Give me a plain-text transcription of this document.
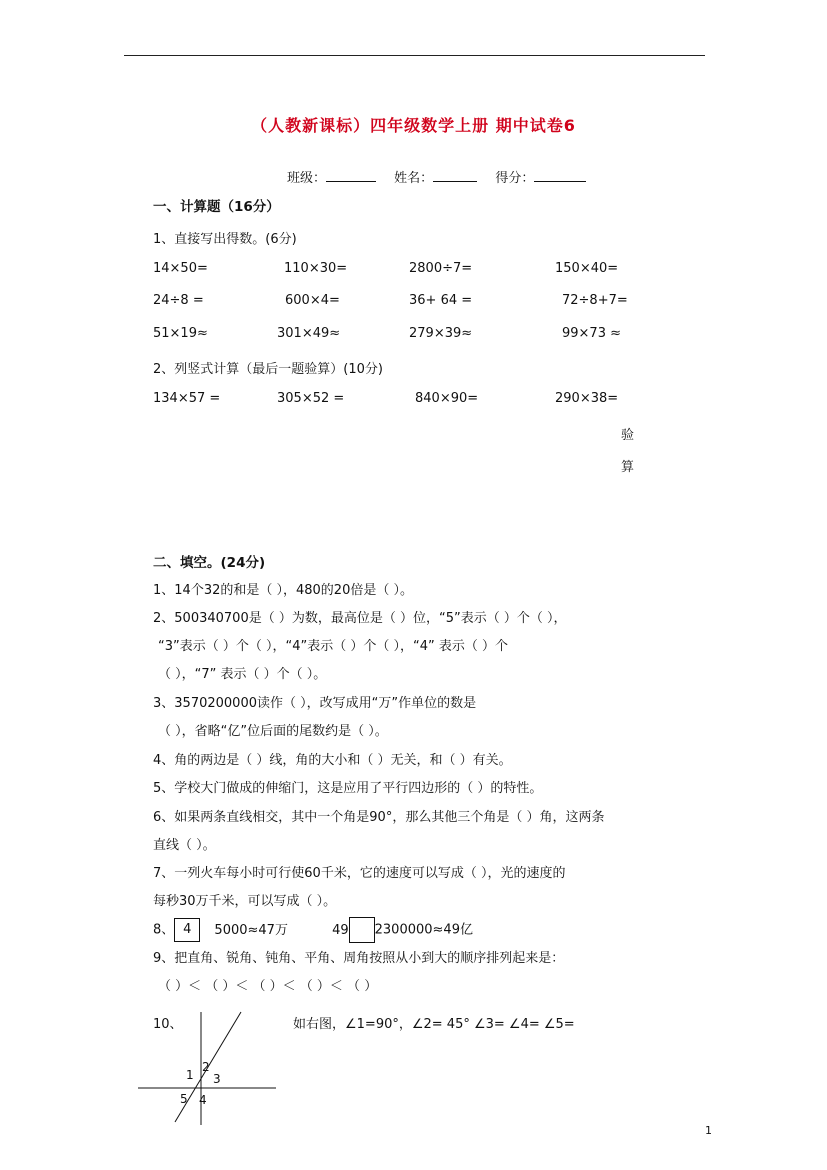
（人教新课标）四年级数学上册 期中试卷6
班级：	姓名：	得分：
一、计算题（16分）
1、直接写出得数。(6分)
14×50=	110×30=	2800÷7=	150×40=
24÷8 =	600×4=	36+ 64 =	72÷8+7=
51×19≈	301×49≈	279×39≈	99×73 ≈
2、列竖式计算（最后一题验算）(10分)
134×57 =	305×52 =	840×90=	290×38=
验
算
二、填空。(24分)
1、14个32的和是（ ），480的20倍是（ ）。
2、500340700是（ ）为数，最高位是（ ）位，“5”表示（ ）个（ ），
“3”表示（ ）个（ ），“4”表示（ ）个（ ），“4” 表示（ ）个
（ ），“7” 表示（ ）个（ ）。
3、3570200000读作（ ），改写成用“万”作单位的数是
（ ），省略“亿”位后面的尾数约是（ ）。
4、角的两边是（ ）线，角的大小和（ ）无关，和（ ）有关。
5、学校大门做成的伸缩门，这是应用了平行四边形的（ ）的特性。
6、如果两条直线相交，其中一个角是90°，那么其他三个角是（ ）角，这两条
直线（ ）。
7、一列火车每小时可行使60千米，它的速度可以写成（ ），光的速度的
每秒30万千米，可以写成（ ）。
8、 4 5000≈47万	49 2300000≈49亿
9、把直角、锐角、钝角、平角、周角按照从小到大的顺序排列起来是：
（ ）＜ （ ）＜ （ ）＜ （ ）＜ （ ）
10、	如右图，∠1=90°，∠2= 45° ∠3= ∠4= ∠5=
1
2
3
4
5
1
